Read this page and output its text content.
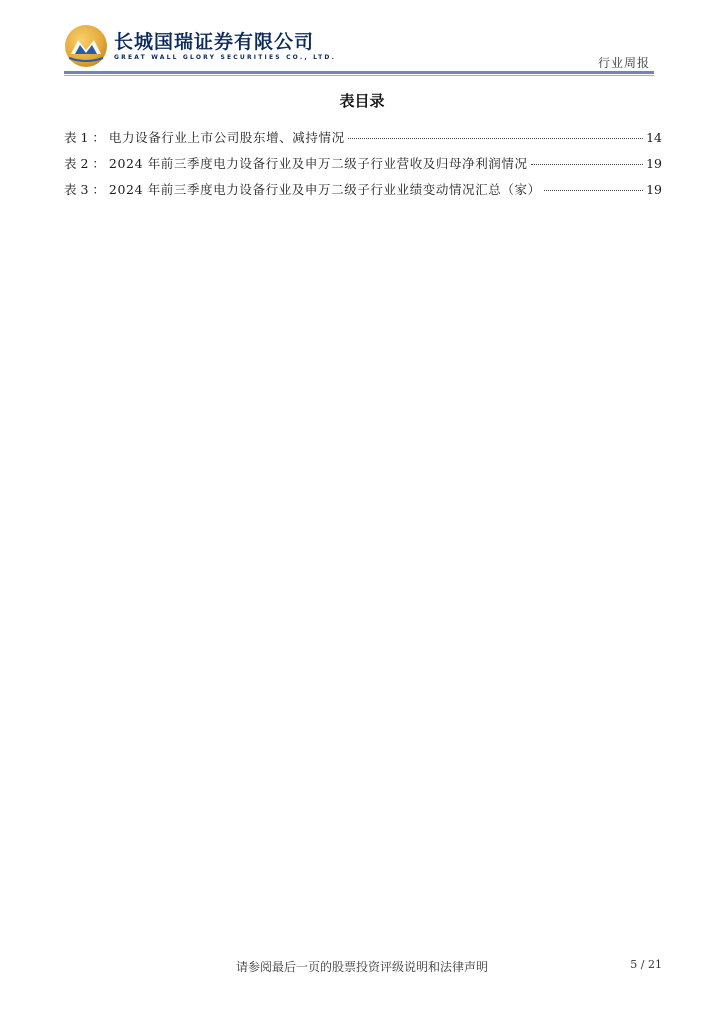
长城国瑞证券有限公司
GREAT WALL GLORY SECURITIES CO., LTD.	行业周报
表目录
表 1 ： 电力设备行业上市公司股东增、减持情况	14
表 2 ： 2024 年前三季度电力设备行业及申万二级子行业营收及归母净利润情况	19
表 3 ： 2024 年前三季度电力设备行业及申万二级子行业业绩变动情况汇总（家）	19
请参阅最后一页的股票投资评级说明和法律声明	5 / 21
